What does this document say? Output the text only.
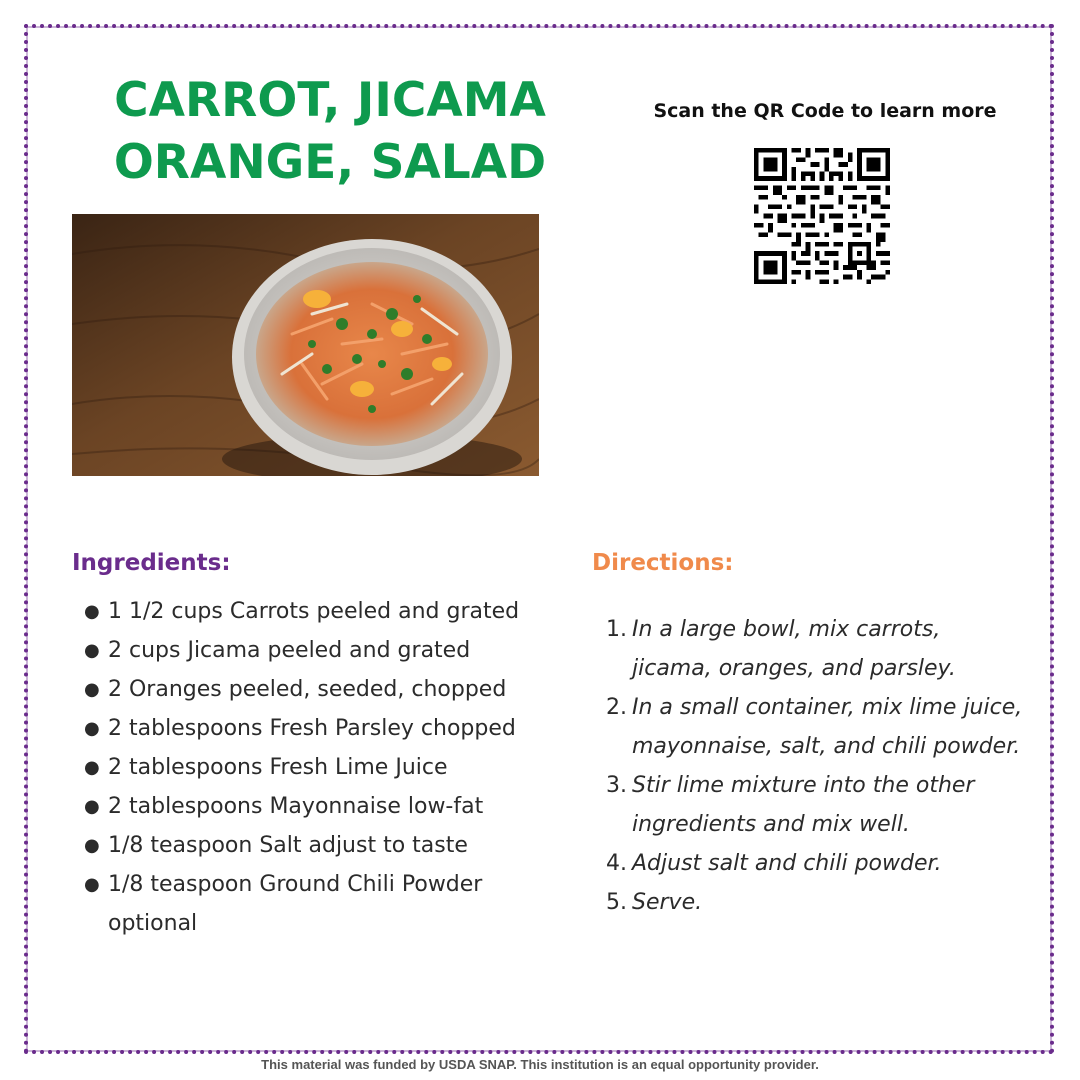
CARROT, JICAMA
ORANGE, SALAD
Scan the QR Code to learn more
Ingredients:
● 1 1/2 cups Carrots peeled and grated
● 2 cups Jicama peeled and grated
● 2 Oranges peeled, seeded, chopped
● 2 tablespoons Fresh Parsley chopped
● 2 tablespoons Fresh Lime Juice
● 2 tablespoons Mayonnaise low-fat
● 1/8 teaspoon Salt adjust to taste
● 1/8 teaspoon Ground Chili Powder optional
Directions:
1. In a large bowl, mix carrots, jicama, oranges, and parsley.
2. In a small container, mix lime juice, mayonnaise, salt, and chili powder.
3. Stir lime mixture into the other ingredients and mix well.
4. Adjust salt and chili powder.
5. Serve.
This material was funded by USDA SNAP. This institution is an equal opportunity provider.
